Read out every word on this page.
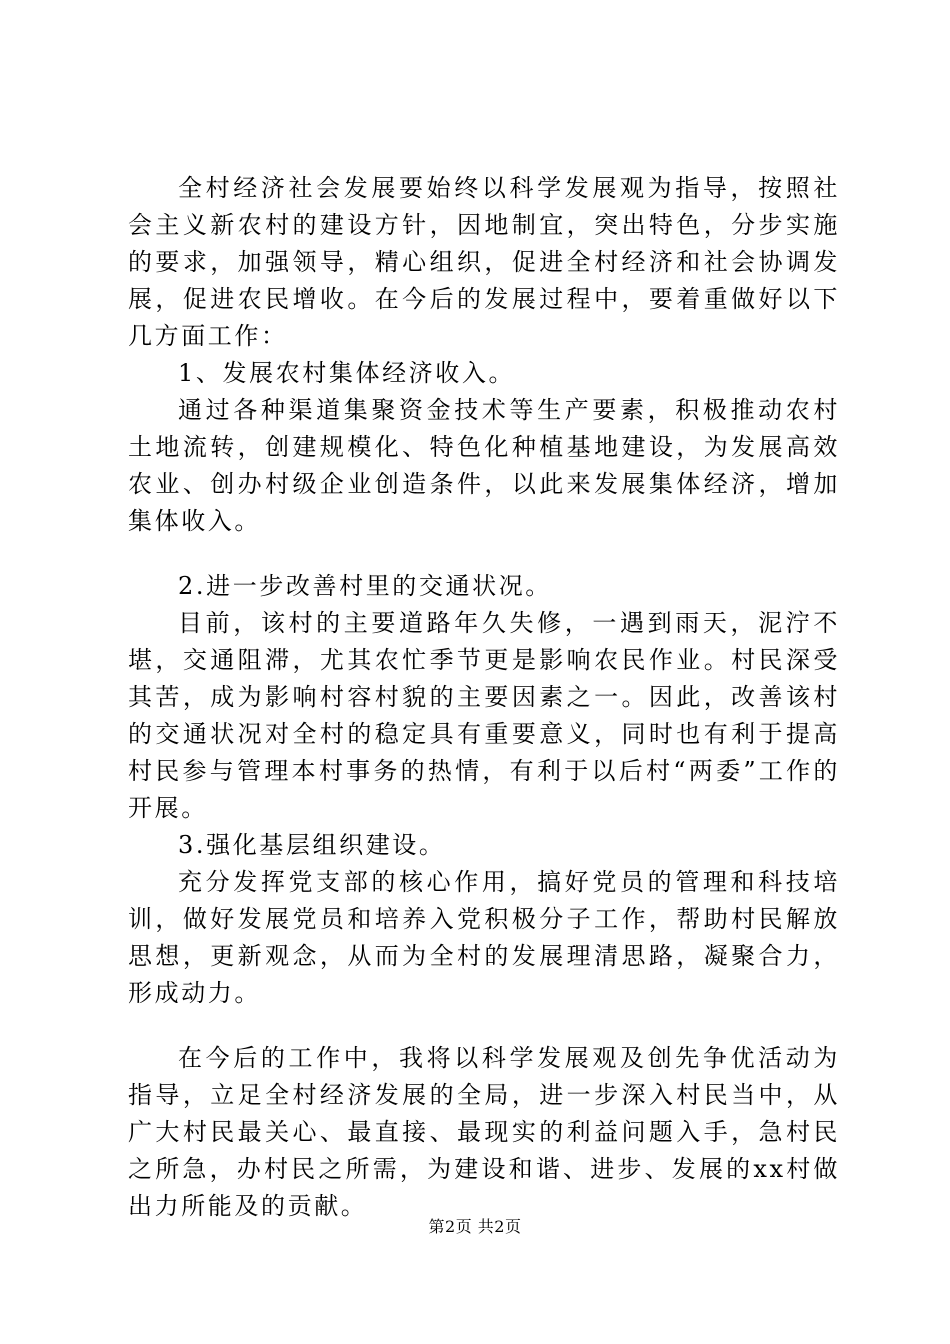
全村经济社会发展要始终以科学发展观为指导，按照社会主义新农村的建设方针，因地制宜，突出特色，分步实施的要求，加强领导，精心组织，促进全村经济和社会协调发展，促进农民增收。在今后的发展过程中，要着重做好以下几方面工作：

1、发展农村集体经济收入。

通过各种渠道集聚资金技术等生产要素，积极推动农村土地流转，创建规模化、特色化种植基地建设，为发展高效农业、创办村级企业创造条件，以此来发展集体经济，增加集体收入。

2.进一步改善村里的交通状况。

目前，该村的主要道路年久失修，一遇到雨天，泥泞不堪，交通阻滞，尤其农忙季节更是影响农民作业。村民深受其苦，成为影响村容村貌的主要因素之一。因此，改善该村的交通状况对全村的稳定具有重要意义，同时也有利于提高村民参与管理本村事务的热情，有利于以后村“两委”工作的开展。

3.强化基层组织建设。

充分发挥党支部的核心作用，搞好党员的管理和科技培训，做好发展党员和培养入党积极分子工作，帮助村民解放思想，更新观念，从而为全村的发展理清思路，凝聚合力，形成动力。

在今后的工作中，我将以科学发展观及创先争优活动为指导，立足全村经济发展的全局，进一步深入村民当中，从广大村民最关心、最直接、最现实的利益问题入手，急村民之所急，办村民之所需，为建设和谐、进步、发展的xx村做出力所能及的贡献。

第2页 共2页
